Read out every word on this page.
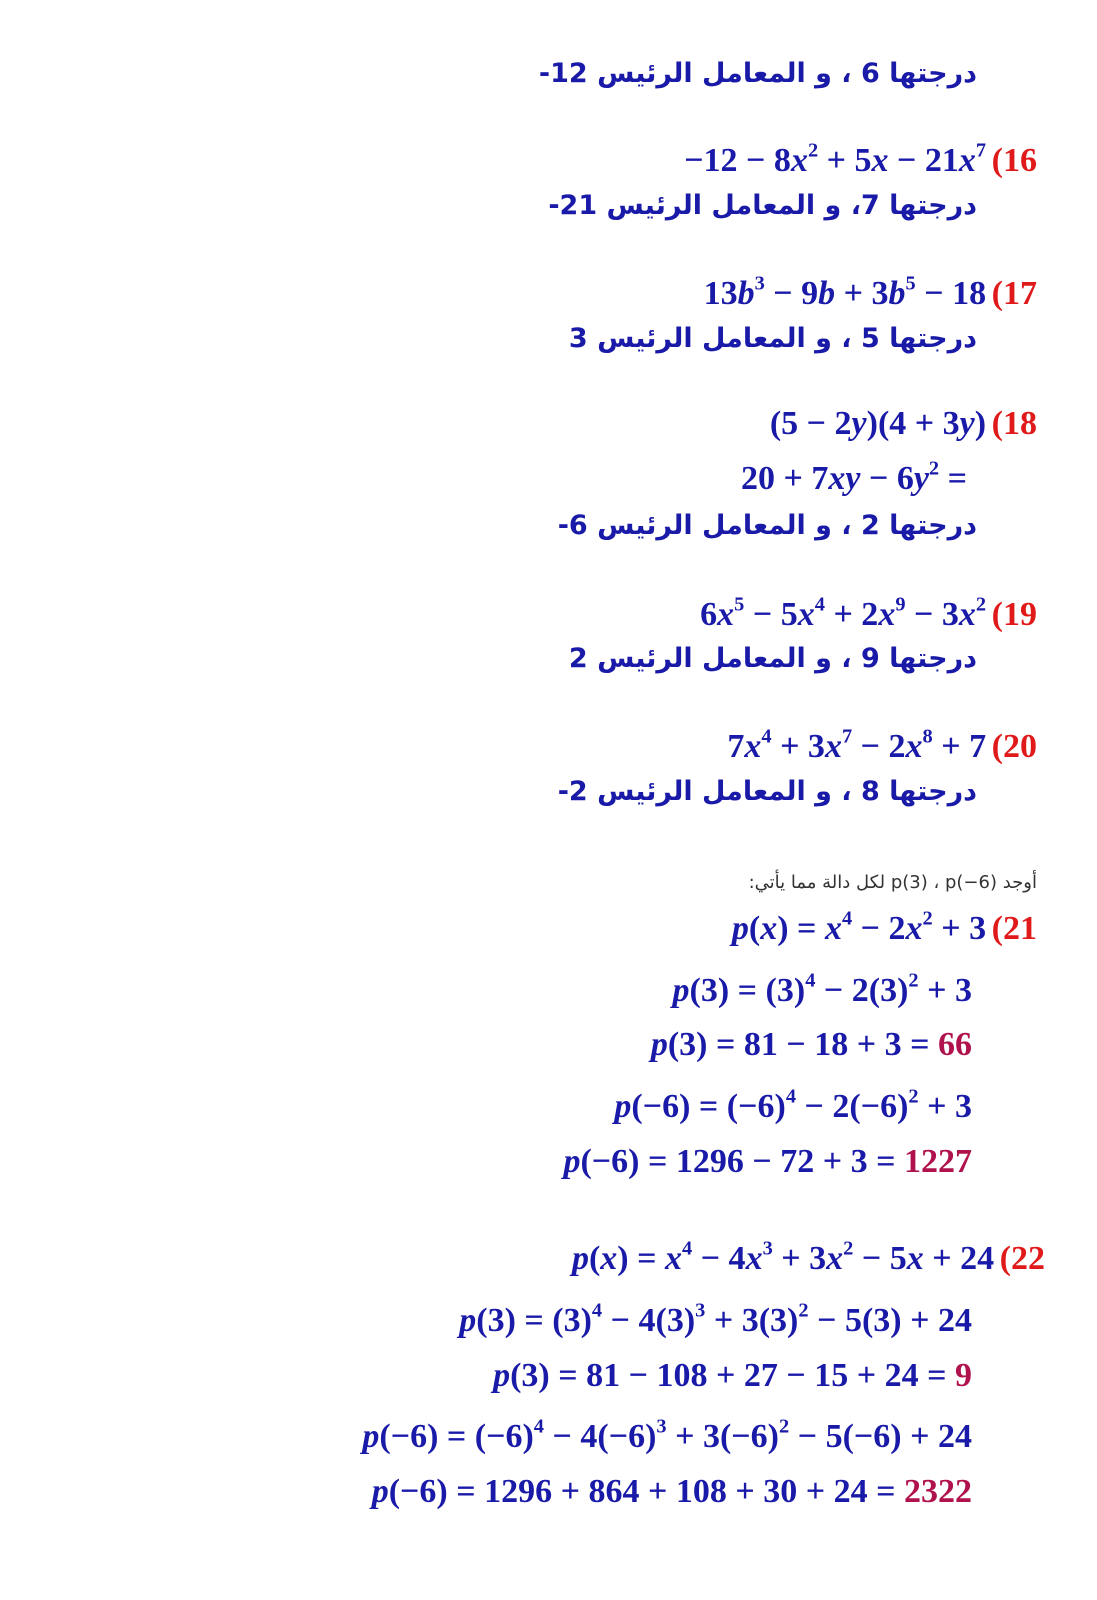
درجتها 6 ، و المعامل الرئيس 12-
$-12 - 8x^2 + 5x - 21x^7$ (16
درجتها 7، و المعامل الرئيس 21-
$13b^3 - 9b + 3b^5 - 18$ (17
درجتها 5 ، و المعامل الرئيس 3
(5 − 2y)(4 + 3y) (18
$20 + 7xy - 6y^2$ =
درجتها 2 ، و المعامل الرئيس 6-
$6x^5 - 5x^4 + 2x^9 - 3x^2$ (19
درجتها 9 ، و المعامل الرئيس 2
$7x^4 + 3x^7 - 2x^8 + 7$ (20
درجتها 8 ، و المعامل الرئيس 2-
أوجد p(3) ، p(−6) لكل دالة مما يأتي:
$p(x) = x^4 - 2x^2 + 3$ (21
$p(3) = (3)^4 - 2(3)^2 + 3$
p(3) = 81 − 18 + 3 = 66
$p(-6) = (-6)^4 - 2(-6)^2 + 3$
p(−6) = 1296 − 72 + 3 = 1227
$p(x) = x^4 - 4x^3 + 3x^2 - 5x + 24$ (22
$p(3) = (3)^4 - 4(3)^3 + 3(3)^2 - 5(3) + 24$
p(3) = 81 − 108 + 27 − 15 + 24 = 9
$p(-6) = (-6)^4 - 4(-6)^3 + 3(-6)^2 - 5(-6) + 24$
p(−6) = 1296 + 864 + 108 + 30 + 24 = 2322
